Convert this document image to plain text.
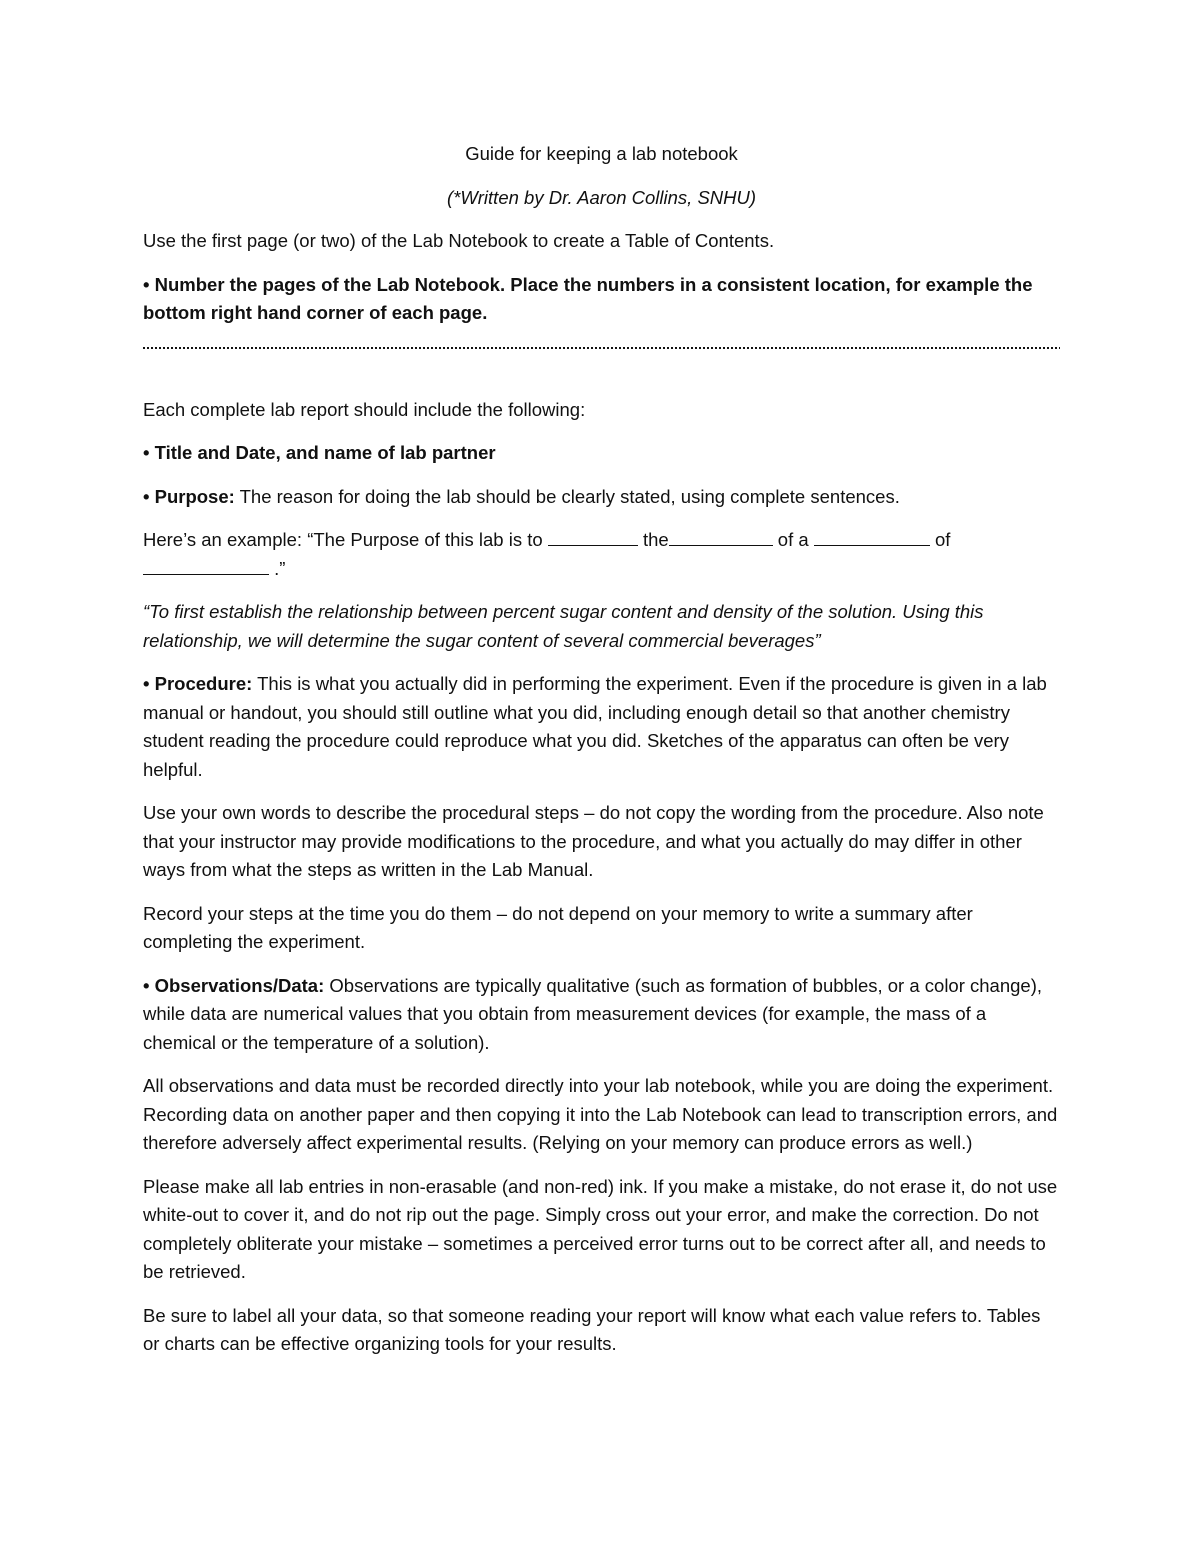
Guide for keeping a lab notebook

(*Written by Dr. Aaron Collins, SNHU)

Use the first page (or two) of the Lab Notebook to create a Table of Contents.

• Number the pages of the Lab Notebook. Place the numbers in a consistent location, for example the bottom right hand corner of each page.

Each complete lab report should include the following:

• Title and Date, and name of lab partner

• Purpose: The reason for doing the lab should be clearly stated, using complete sentences.

Here’s an example: “The Purpose of this lab is to	the	of a	of
.”

“To first establish the relationship between percent sugar content and density of the solution. Using this relationship, we will determine the sugar content of several commercial beverages”

• Procedure: This is what you actually did in performing the experiment. Even if the procedure is given in a lab manual or handout, you should still outline what you did, including enough detail so that another chemistry student reading the procedure could reproduce what you did. Sketches of the apparatus can often be very helpful.

Use your own words to describe the procedural steps – do not copy the wording from the procedure. Also note that your instructor may provide modifications to the procedure, and what you actually do may differ in other ways from what the steps as written in the Lab Manual.

Record your steps at the time you do them – do not depend on your memory to write a summary after completing the experiment.

• Observations/Data: Observations are typically qualitative (such as formation of bubbles, or a color change), while data are numerical values that you obtain from measurement devices (for example, the mass of a chemical or the temperature of a solution).

All observations and data must be recorded directly into your lab notebook, while you are doing the experiment. Recording data on another paper and then copying it into the Lab Notebook can lead to transcription errors, and therefore adversely affect experimental results. (Relying on your memory can produce errors as well.)

Please make all lab entries in non-erasable (and non-red) ink. If you make a mistake, do not erase it, do not use white-out to cover it, and do not rip out the page. Simply cross out your error, and make the correction. Do not completely obliterate your mistake – sometimes a perceived error turns out to be correct after all, and needs to be retrieved.

Be sure to label all your data, so that someone reading your report will know what each value refers to. Tables or charts can be effective organizing tools for your results.
